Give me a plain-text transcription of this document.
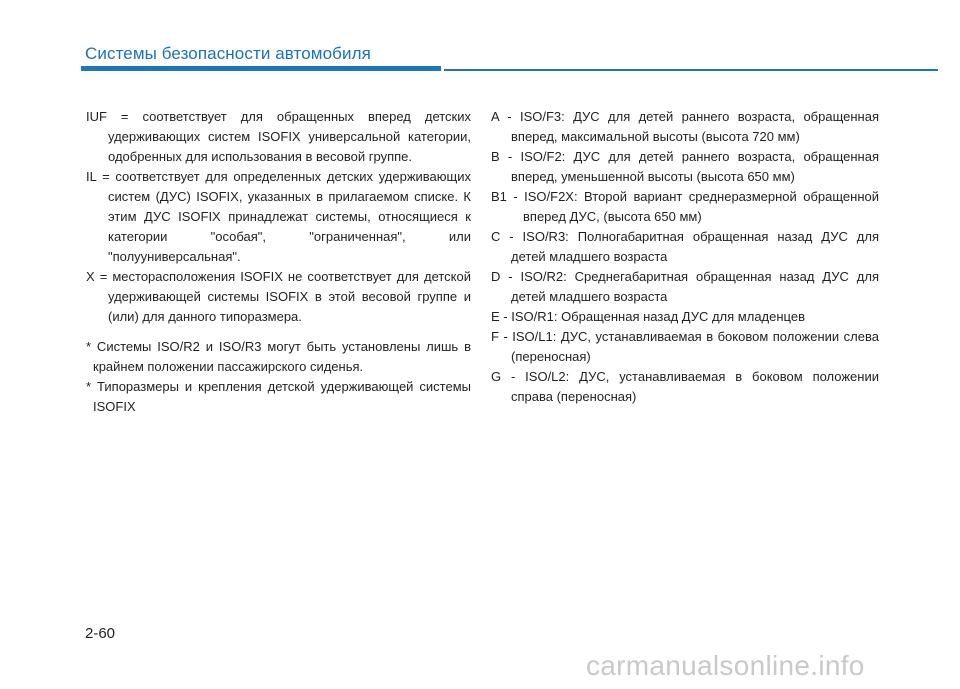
Системы безопасности автомобиля

IUF = соответствует для обращенных вперед детских удерживающих систем ISOFIX универсальной категории, одобренных для использования в весовой группе.

IL = соответствует для определенных детских удерживающих систем (ДУС) ISOFIX, указанных в прилагаемом списке. К этим ДУС ISOFIX принадлежат системы, относящиеся к категории "особая", "ограниченная", или "полууниверсальная".

X = месторасположения ISOFIX не соответствует для детской удерживающей системы ISOFIX в этой весовой группе и (или) для данного типоразмера.

* Системы ISO/R2 и ISO/R3 могут быть установлены лишь в крайнем положении пассажирского сиденья.

* Типоразмеры и крепления детской удерживающей системы ISOFIX

A - ISO/F3: ДУС для детей раннего возраста, обращенная вперед, максимальной высоты (высота 720 мм)

B - ISO/F2: ДУС для детей раннего возраста, обращенная вперед, уменьшенной высоты (высота 650 мм)

B1 - ISO/F2X: Второй вариант среднеразмерной обращенной вперед ДУС, (высота 650 мм)

C - ISO/R3: Полногабаритная обращенная назад ДУС для детей младшего возраста

D - ISO/R2: Среднегабаритная обращенная назад ДУС для детей младшего возраста

E - ISO/R1: Обращенная назад ДУС для младенцев

F - ISO/L1: ДУС, устанавливаемая в боковом положении слева (переносная)

G - ISO/L2: ДУС, устанавливаемая в боковом положении справа (переносная)

2-60
carmanualsonline.info
